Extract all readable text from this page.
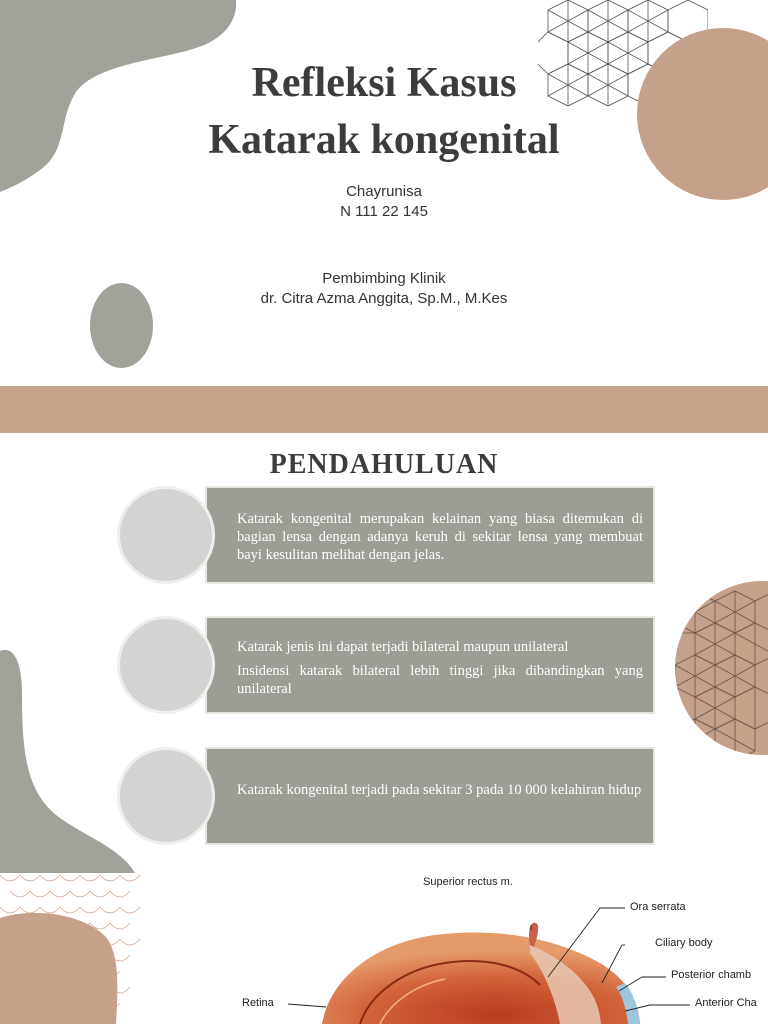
Refleksi Kasus
Katarak kongenital
Chayrunisa
N 111 22 145
Pembimbing Klinik
dr. Citra Azma Anggita, Sp.M., M.Kes
PENDAHULUAN

Katarak kongenital merupakan kelainan yang biasa ditemukan di bagian lensa dengan adanya keruh di sekitar lensa yang membuat bayi kesulitan melihat dengan jelas.

Katarak jenis ini dapat terjadi bilateral maupun unilateral

Insidensi katarak bilateral lebih tinggi jika dibandingkan yang unilateral

Katarak kongenital terjadi pada sekitar 3 pada 10 000 kelahiran hidup

Superior rectus m.
Ora serrata
Ciliary body
Posterior chamb
Anterior Cha
Retina
